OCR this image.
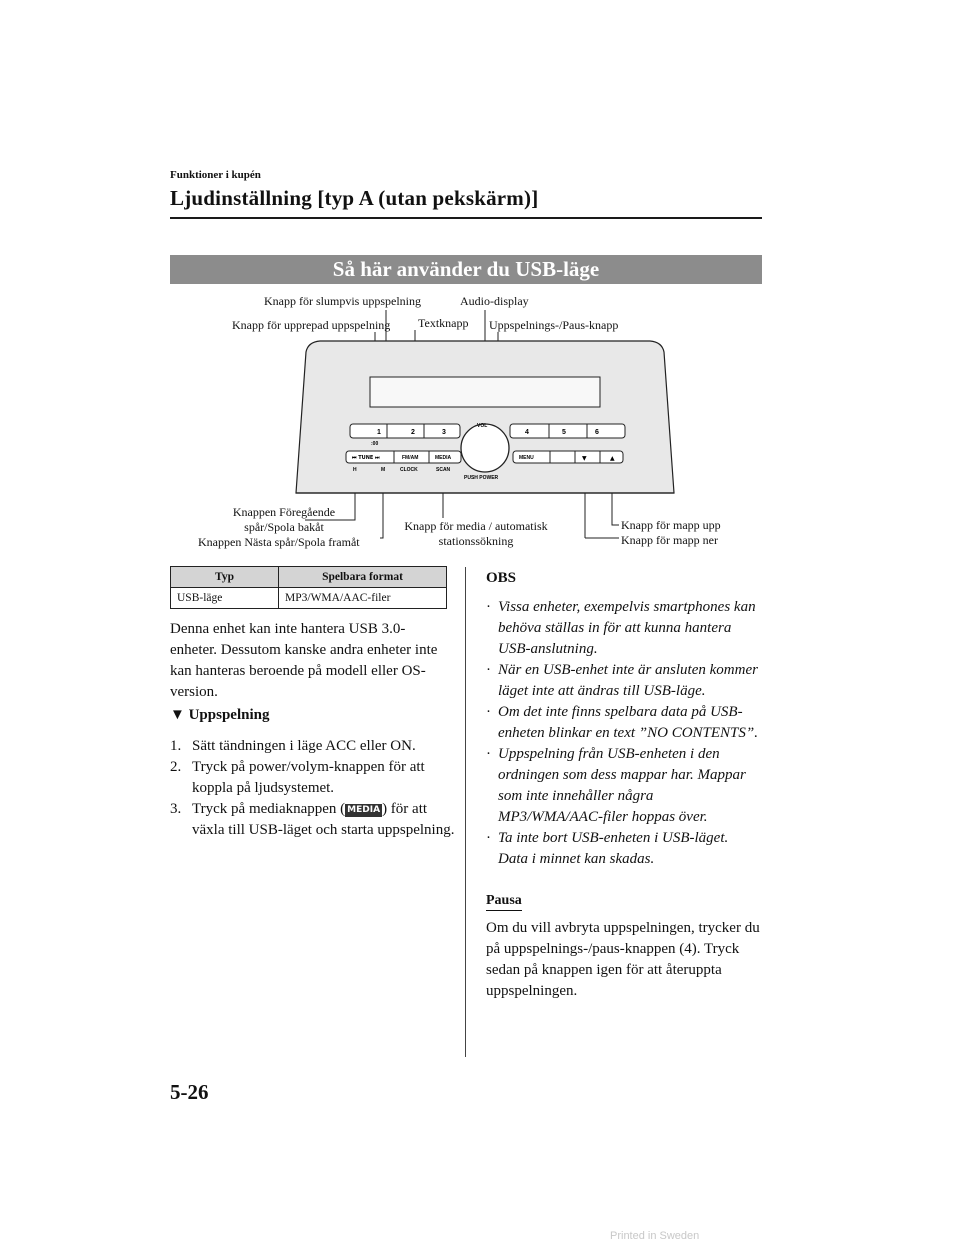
Funktioner i kupén
Ljudinställning [typ A (utan pekskärm)]
Så här använder du USB-läge
Knapp för slumpvis uppspelning	Audio-display
Knapp för upprepad uppspelning Textknapp Uppspelnings-/Paus-knapp
Knappen Föregående
spår/Spola bakåt
Knappen Nästa spår/Spola framåt
Knapp för media / automatisk
stationssökning
Knapp för mapp upp
Knapp för mapp ner
1	2	3
:00
4	5	6
VOL
PUSH POWER
⏮ TUNE ⏭	FM/AM	MEDIA
H	M	CLOCK	SCAN
MENU	▼	▲
Typ	Spelbara format
USB-läge	MP3/WMA/AAC-filer
Denna enhet kan inte hantera USB 3.0-enheter. Dessutom kanske andra enheter inte kan hanteras beroende på modell eller OS-version.
▼ Uppspelning
1. Sätt tändningen i läge ACC eller ON.
2. Tryck på power/volym-knappen för att koppla på ljudsystemet.
3. Tryck på mediaknappen ( MEDIA ) för att växla till USB-läget och starta uppspelning.
OBS
· Vissa enheter, exempelvis smartphones kan behöva ställas in för att kunna hantera USB-anslutning.
· När en USB-enhet inte är ansluten kommer läget inte att ändras till USB-läge.
· Om det inte finns spelbara data på USB-enheten blinkar en text ”NO CONTENTS”.
· Uppspelning från USB-enheten i den ordningen som dess mappar har. Mappar som inte innehåller några MP3/WMA/AAC-filer hoppas över.
· Ta inte bort USB-enheten i USB-läget. Data i minnet kan skadas.
Pausa
Om du vill avbryta uppspelningen, trycker du på uppspelnings-/paus-knappen (4). Tryck sedan på knappen igen för att återuppta uppspelningen.
5-26
Printed in Sweden
